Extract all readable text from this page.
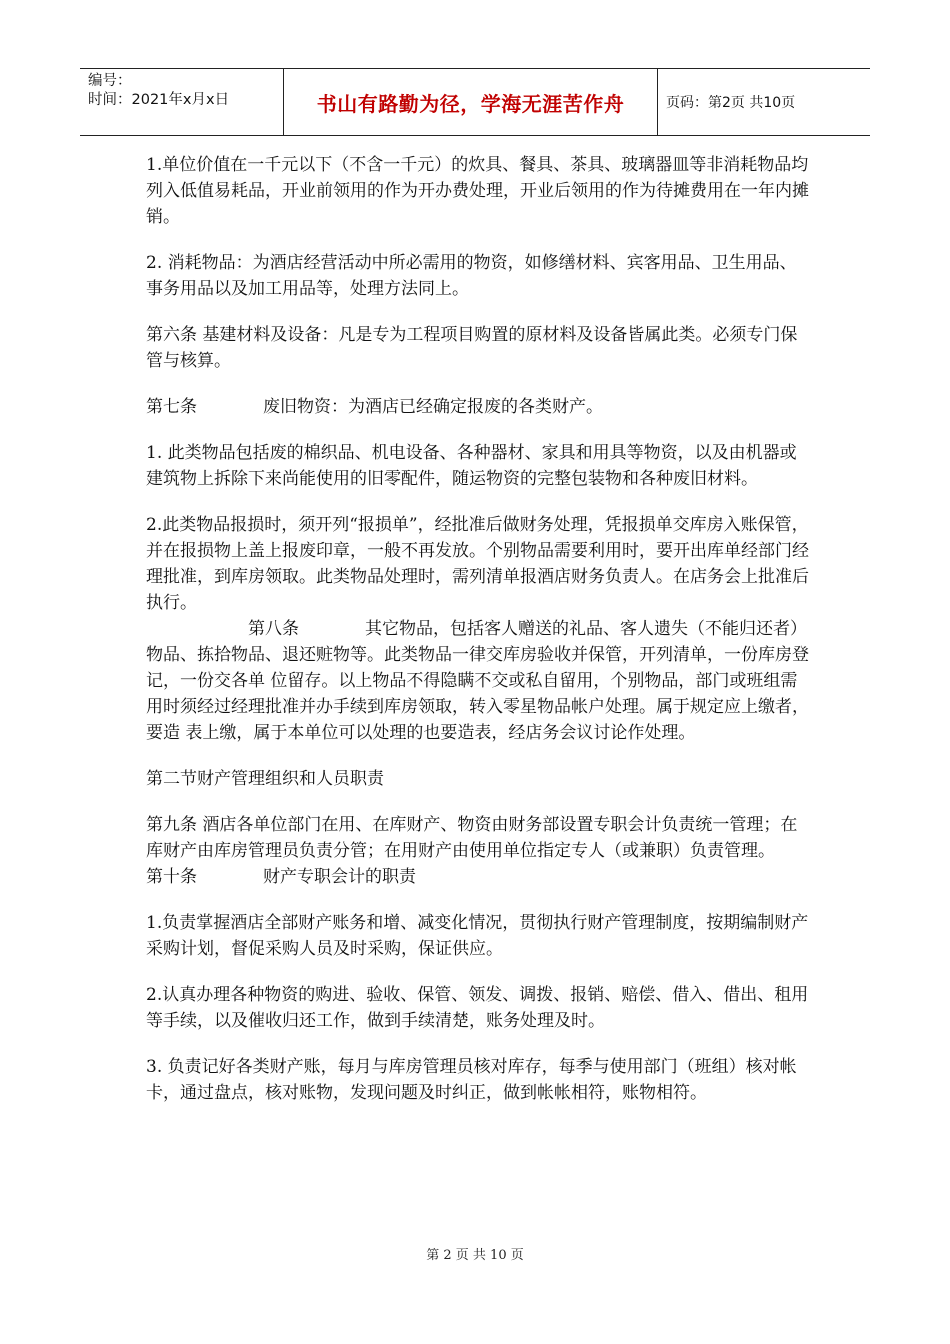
编号：
时间：2021年x月x日	书山有路勤为径，学海无涯苦作舟	页码：第2页 共10页

1.单位价值在一千元以下（不含一千元）的炊具、餐具、茶具、玻璃器皿等非消耗物品均列入低值易耗品，开业前领用的作为开办费处理，开业后领用的作为待摊费用在一年内摊销。

2. 消耗物品：为酒店经营活动中所必需用的物资，如修缮材料、宾客用品、卫生用品、事务用品以及加工用品等，处理方法同上。

第六条 基建材料及设备：凡是专为工程项目购置的原材料及设备皆属此类。必须专门保管与核算。

第七条	废旧物资：为酒店已经确定报废的各类财产。

1. 此类物品包括废的棉织品、机电设备、各种器材、家具和用具等物资，以及由机器或建筑物上拆除下来尚能使用的旧零配件，随运物资的完整包装物和各种废旧材料。

2.此类物品报损时，须开列“报损单”，经批准后做财务处理，凭报损单交库房入账保管，并在报损物上盖上报废印章，一般不再发放。个别物品需要利用时，要开出库单经部门经理批准，到库房领取。此类物品处理时，需列清单报酒店财务负责人。在店务会上批准后执行。

第八条	其它物品，包括客人赠送的礼品、客人遗失（不能归还者）物品、拣拾物品、退还赃物等。此类物品一律交库房验收并保管，开列清单，一份库房登记，一份交各单 位留存。以上物品不得隐瞒不交或私自留用，个别物品，部门或班组需用时须经过经理批准并办手续到库房领取，转入零星物品帐户处理。属于规定应上缴者，要造 表上缴，属于本单位可以处理的也要造表，经店务会议讨论作处理。

第二节财产管理组织和人员职责

第九条 酒店各单位部门在用、在库财产、物资由财务部设置专职会计负责统一管理；在库财产由库房管理员负责分管；在用财产由使用单位指定专人（或兼职）负责管理。

第十条	财产专职会计的职责

1.负责掌握酒店全部财产账务和增、减变化情况，贯彻执行财产管理制度，按期编制财产采购计划，督促采购人员及时采购，保证供应。

2.认真办理各种物资的购进、验收、保管、领发、调拨、报销、赔偿、借入、借出、租用等手续，以及催收归还工作，做到手续清楚，账务处理及时。

3. 负责记好各类财产账，每月与库房管理员核对库存，每季与使用部门（班组）核对帐卡，通过盘点，核对账物，发现问题及时纠正，做到帐帐相符，账物相符。

第 2 页 共 10 页
